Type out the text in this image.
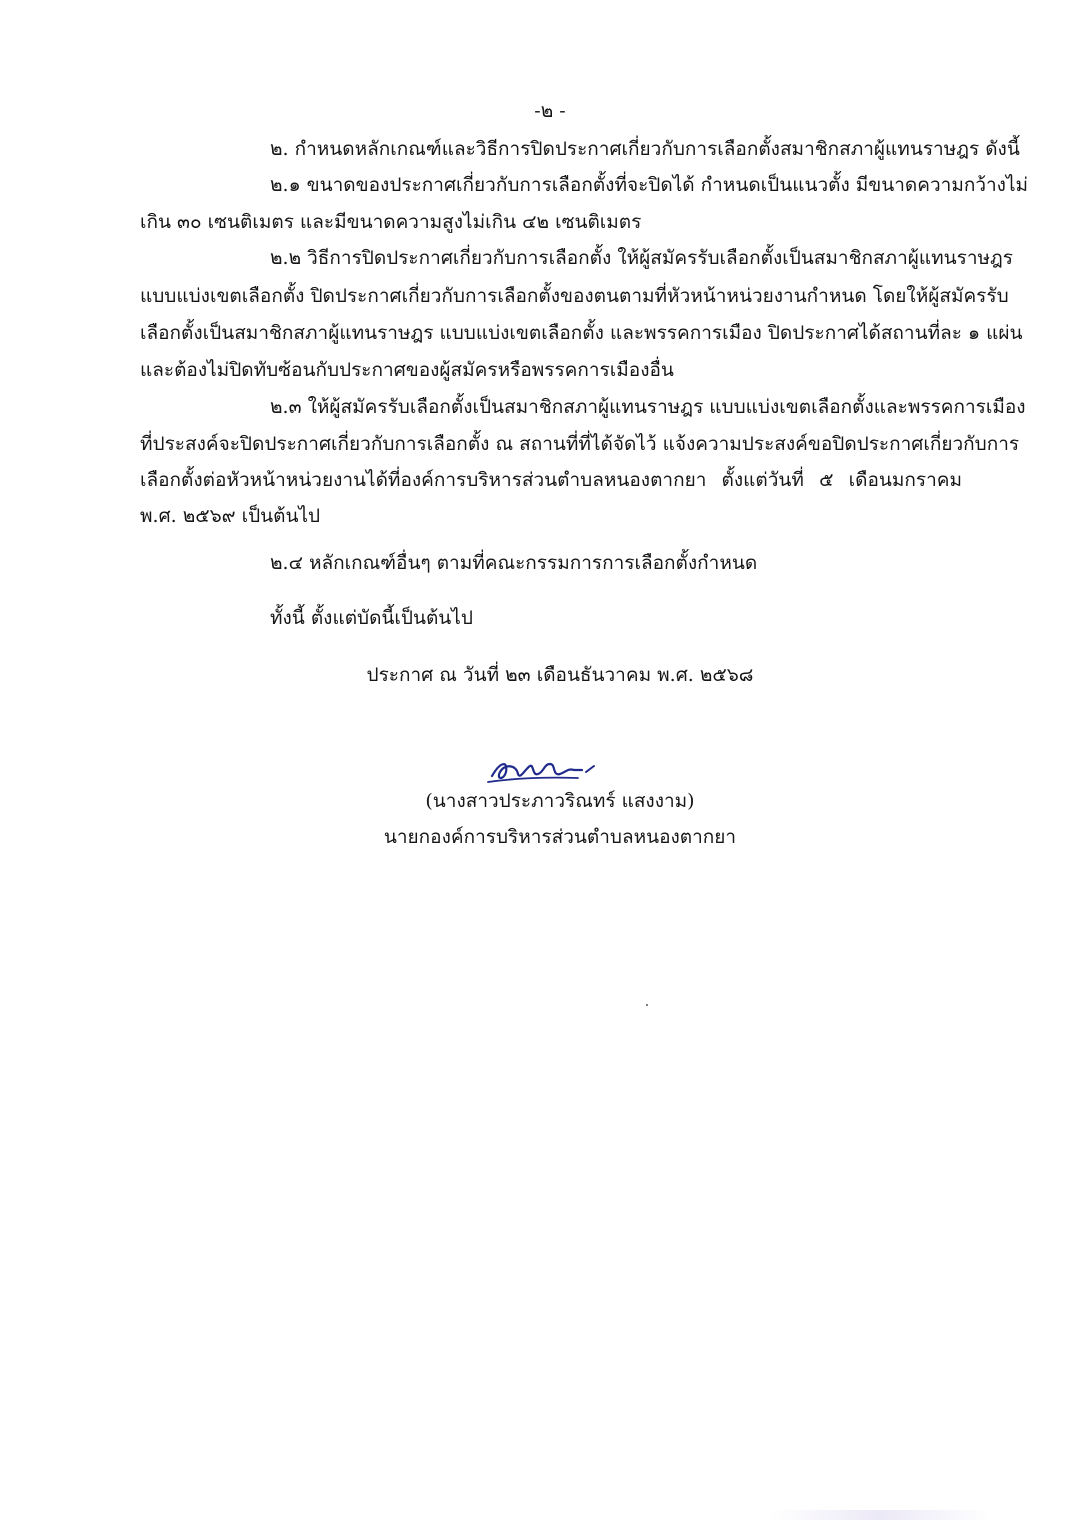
-๒ -
๒. กำหนดหลักเกณฑ์และวิธีการปิดประกาศเกี่ยวกับการเลือกตั้งสมาชิกสภาผู้แทนราษฎร ดังนี้
๒.๑ ขนาดของประกาศเกี่ยวกับการเลือกตั้งที่จะปิดได้ กำหนดเป็นแนวตั้ง มีขนาดความกว้างไม่
เกิน ๓๐ เซนติเมตร และมีขนาดความสูงไม่เกิน ๔๒ เซนติเมตร
๒.๒ วิธีการปิดประกาศเกี่ยวกับการเลือกตั้ง ให้ผู้สมัครรับเลือกตั้งเป็นสมาชิกสภาผู้แทนราษฎร
แบบแบ่งเขตเลือกตั้ง ปิดประกาศเกี่ยวกับการเลือกตั้งของตนตามที่หัวหน้าหน่วยงานกำหนด โดยให้ผู้สมัครรับ
เลือกตั้งเป็นสมาชิกสภาผู้แทนราษฎร แบบแบ่งเขตเลือกตั้ง และพรรคการเมือง ปิดประกาศได้สถานที่ละ ๑ แผ่น
และต้องไม่ปิดทับซ้อนกับประกาศของผู้สมัครหรือพรรคการเมืองอื่น
๒.๓ ให้ผู้สมัครรับเลือกตั้งเป็นสมาชิกสภาผู้แทนราษฎร แบบแบ่งเขตเลือกตั้งและพรรคการเมือง
ที่ประสงค์จะปิดประกาศเกี่ยวกับการเลือกตั้ง ณ สถานที่ที่ได้จัดไว้ แจ้งความประสงค์ขอปิดประกาศเกี่ยวกับการ
เลือกตั้งต่อหัวหน้าหน่วยงานได้ที่องค์การบริหารส่วนตำบลหนองตากยา ตั้งแต่วันที่ ๕ เดือนมกราคม
พ.ศ. ๒๕๖๙ เป็นต้นไป
๒.๔ หลักเกณฑ์อื่นๆ ตามที่คณะกรรมการการเลือกตั้งกำหนด
ทั้งนี้ ตั้งแต่บัดนี้เป็นต้นไป
ประกาศ ณ วันที่ ๒๓ เดือนธันวาคม พ.ศ. ๒๕๖๘
(นางสาวประภาวริณทร์ แสงงาม)
นายกองค์การบริหารส่วนตำบลหนองตากยา
